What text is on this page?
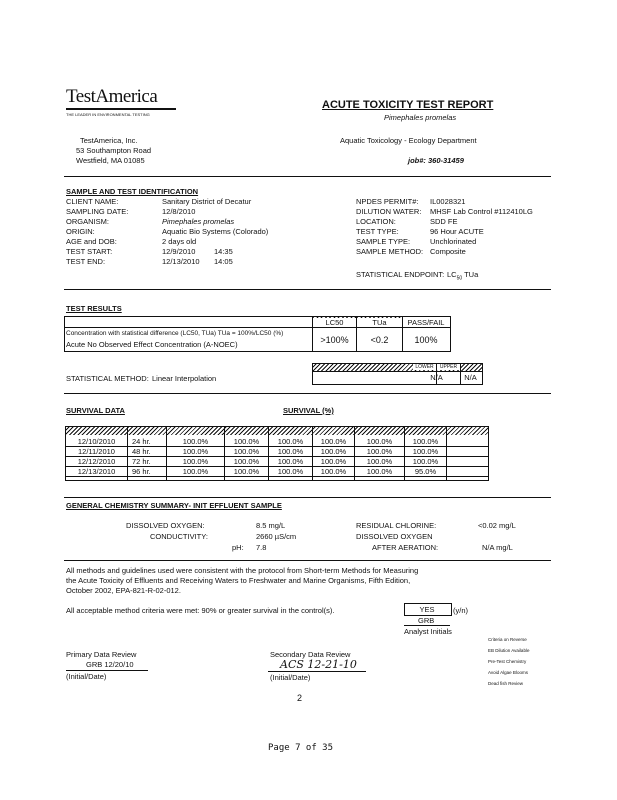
TestAmerica
THE LEADER IN ENVIRONMENTAL TESTING
ACUTE TOXICITY TEST REPORT
Pimephales promelas
TestAmerica, Inc.
53 Southampton Road
Westfield, MA 01085
Aquatic Toxicology - Ecology Department
job#: 360-31459
SAMPLE AND TEST IDENTIFICATION
CLIENT NAME:	Sanitary District of Decatur
SAMPLING DATE:	12/8/2010
ORGANISM:	Pimephales promelas
ORIGIN:	Aquatic Bio Systems (Colorado)
AGE and DOB:	2 days old
TEST START:	12/9/2010 14:35
TEST END:	12/13/2010 14:05
NPDES PERMIT#: IL0028321
DILUTION WATER: MHSF Lab Control #112410LG
LOCATION:	SDD FE
TEST TYPE:	96 Hour ACUTE
SAMPLE TYPE:	Unchlorinated
SAMPLE METHOD: Composite
STATISTICAL ENDPOINT: $LC_{50}$ TUa
TEST RESULTS
LC50	TUa	PASS/FAIL
Concentration with statistical difference (LC50, TUa) TUa = 100%/LC50 (%)
Acute No Observed Effect Concentration (A-NOEC)	>100%	<0.2	100%
LOWER	UPPER
N/A	N/A
STATISTICAL METHOD: Linear Interpolation
SURVIVAL DATA	SURVIVAL (%)
12/10/2010	24 hr.	100.0%	100.0%	100.0%	100.0%	100.0%	100.0%
12/11/2010	48 hr.	100.0%	100.0%	100.0%	100.0%	100.0%	100.0%
12/12/2010	72 hr.	100.0%	100.0%	100.0%	100.0%	100.0%	100.0%
12/13/2010	96 hr.	100.0%	100.0%	100.0%	100.0%	100.0%	95.0%
GENERAL CHEMISTRY SUMMARY- INIT EFFLUENT SAMPLE
DISSOLVED OXYGEN:	8.5 mg/L
CONDUCTIVITY:	2660 µS/cm
pH: 7.8
RESIDUAL CHLORINE:	<0.02 mg/L
DISSOLVED OXYGEN
AFTER AERATION:	N/A mg/L
All methods and guidelines used were consistent with the protocol from Short-term Methods for Measuring
the Acute Toxicity of Effluents and Receiving Waters to Freshwater and Marine Organisms, Fifth Edition,
October 2002, EPA-821-R-02-012.
All acceptable method criteria were met: 90% or greater survival in the control(s).	YES	(y/n)
GRB
Analyst Initials
Primary Data Review
GRB 12/20/10
(Initial/Date)
Secondary Data Review
ACS 12-21-10
(Initial/Date)
Criteria on Reverse
EB Dilution Available
Pre-Test Chemistry
Avoid Algae Blooms
Dead fish Review
2
Page 7 of 35
